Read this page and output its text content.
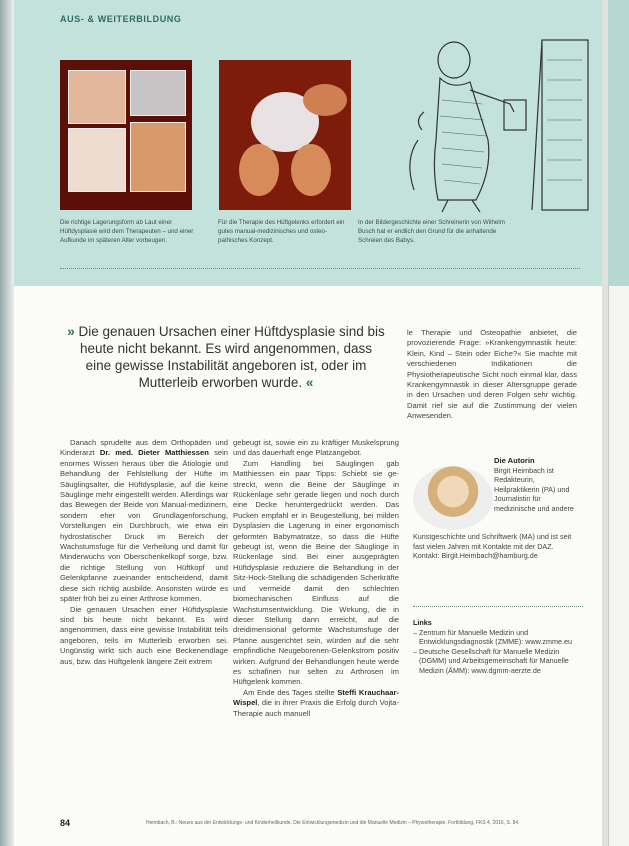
AUS- & WEITERBILDUNG
Die richtige Lagerungsform ab Laut einer Hüftdysplasie wird dem Therapeuten – und einer Aufkunde im späteren Alter vorbeugen.
Für die Therapie des Hüftgelenks erfordert ein gutes manual-medizinisches und osteo-pathisches Konzept.
In der Bildergeschichte einer Schreinerin von Wilhelm Busch hat er endlich den Grund für die anhaltende Schreien des Babys.
» Die genauen Ursachen einer Hüftdysplasie sind bis heute nicht bekannt. Es wird angenommen, dass eine gewisse Instabilität angeboren ist, oder im Mutterleib erworben wurde. «
le Therapie und Osteopathie anbietet, die provozierende Frage: »Krankengymnastik heute: Klein, Kind – Stein oder Eiche?« Sie machte mit verschiedenen Indikationen die Physiotherapeutische Sicht noch einmal klar, dass Krankengymnastik in dieser Altersgruppe gerade in den Ursachen und deren Folgen sehr wichtig. Damit rief sie auf die Zustimmung der vielen Anwesenden.

Danach sprudelte aus dem Orthopäden und Kinderarzt Dr. med. Dieter Matthiessen sein enormes Wissen heraus über die Ätiologie und Behandlung der Fehlstellung der Hüfte im Säuglingsalter, die Hüftdysplasie, auf die keine Säuglinge mehr eingestellt werden. Allerdings war das Bewegen der Beide von Manual-medizinern, sondern eher von Grundlagenforschung, Vorstellungen ein Durchbruch, wie etwa ein hydrostatischer Druck im Bereich der Wachstumsfuge für die Verheilung und damit für Minderwuchs von Oberschenkelkopf sorge, bzw. die richtige Stellung von Hüftkopf und Gelenkpfanne zueinander entscheidend, damit diese sich richtig ausbilde. Ansonsten würde es später früh bei zu einer Arthrose kommen.

Die genauen Ursachen einer Hüftdysplasie sind bis heute nicht bekannt. Es wird angenommen, dass eine gewisse Instabilität teils angeboren, teils im Mutterleib erworben sei. Ungünstig wirkt sich auch eine Beckenendlage aus, bzw. das Hüftgelenk längere Zeit extrem

gebeugt ist, sowie ein zu kräftiger Muskelsprung und das dauerhaft enge Platzangebot.

Zum Handling bei Säuglingen gab Matthiessen ein paar Tipps: Schiebt sie ge-streckt, wenn die Beine der Säuglinge in Rückenlage sehr gerade liegen und noch durch eine Decke heruntergedrückt werden. Das Pucken empfahl er in Beugestellung, bei milden Dysplasien die Lagerung in einer ergonomisch geformten Babymatratze, so dass die Hüfte gebeugt ist, wenn die Beine der Säuglinge in Rückenlage sind. Bei einer ausgeprägten Hüftdysplasie reduziere die Behandlung in der Sitz-Hock-Stellung die schädigenden Scherkräfte und vermeide damit den schlechten biomechanischen Einfluss auf die Wachstumsentwicklung. Die Wirkung, die in dieser Stellung dann erreicht, auf die dreidimensional geformte Wachstumsfuge der Pfanne ausgerichtet sein, würden auf die sehr empfindliche Neugeborenen-Gelenkstrom positiv wirken. Aufgrund der Behandlungen heute werde es schafinen nur selten zu Arthrosen im Hüftgelenk kommen.

Am Ende des Tages stellte Steffi Krauchaar-Wispel, die in ihrer Praxis die Erfolg durch Vojta-Therapie auch manuell

Die Autorin
Birgit Heimbach ist Redakteurin, Heilpraktikerin (PA) und Journalistin für medizinische und andere
Kunstgeschichte und Schriftwerk (MA) und ist seit fast vielen Jahren mit Kontakte mit der DAZ.
Kontakt: Birgit.Heimbach@hamburg.de
Links
– Zentrum für Manuelle Medizin und Entwicklungsdiagnostik (ZMME): www.zmme.eu
– Deutsche Gesellschaft für Manuelle Medizin (DGMM) und Arbeitsgemeinschaft für Manuelle Medizin (ÄMM): www.dgmm-aerzte.de
84	Heimbach, B.: Neues aus der Entwicklungs- und Kinderheilkunde. Die Entwicklungsmedizin und die Manuelle Medizin – Physiotherapie. Fortbildung, FKS 4, 2016, S. 84.
